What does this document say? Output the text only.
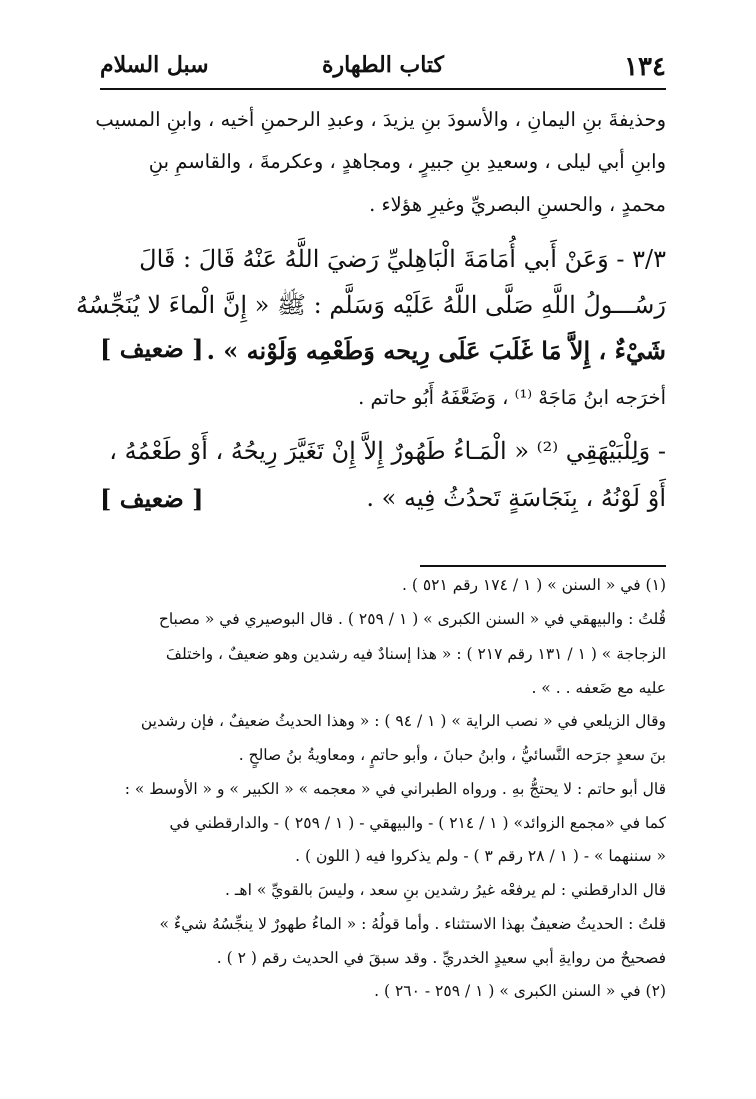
١٣٤
كتاب الطهارة
سبل السلام
وحذيفةَ بنِ اليمانِ ، والأسودَ بنِ يزيدَ ، وعبدِ الرحمنِ أخيه ، وابنِ المسيب
وابنِ أبي ليلى ، وسعيدِ بنِ جبيرٍ ، ومجاهدٍ ، وعكرمةَ ، والقاسمِ بنِ
محمدٍ ، والحسنِ البصريِّ وغيرِ هؤلاء .
٣/٣ - وَعَنْ أَبي أُمَامَةَ الْبَاهِليِّ رَضيَ اللَّهُ عَنْهُ قَالَ : قَالَ
رَسُـــولُ اللَّهِ صَلَّى اللَّهُ عَلَيْه وَسَلَّم : ﷺ « إِنَّ الْماءَ لا يُنَجِّسُهُ
شَيْءٌ ، إِلاَّ مَا غَلَبَ عَلَى رِيحه وَطَعْمِه وَلَوْنه » .
[ ضعيف ]
أخرَجه ابنُ مَاجَهْ ⁽¹⁾ ، وَضَعَّفَهُ أَبُو حاتم .
- وَلِلْبَيْهَقِي ⁽²⁾ « الْمَـاءُ طَهُورٌ إِلاَّ إِنْ تَغَيَّرَ رِيحُهُ ، أَوْ طَعْمُهُ ،
أَوْ لَوْنُهُ ، بِنَجَاسَةٍ تَحدُثُ فِيه » .
[ ضعيف ]
(١) في « السنن » ( ١ / ١٧٤ رقم ٥٢١ ) .
قُلتُ : والبيهقي في « السنن الكبرى » ( ١ / ٢٥٩ ) . قال البوصيري في « مصباح
الزجاجة » ( ١ / ١٣١ رقم ٢١٧ ) : « هذا إسنادٌ فيه رشدين وهو ضعيفٌ ، واختلفَ
عليه مع ضَعفه . . » .
وقال الزيلعي في « نصب الراية » ( ١ / ٩٤ ) : « وهذا الحديثُ ضعيفٌ ، فإن رشدين
بنَ سعدٍ جرَحه النَّسائيُّ ، وابنُ حبانَ ، وأبو حاتمٍ ، ومعاويةُ بنُ صالحٍ .
قال أبو حاتم : لا يحتجُّ بهِ . ورواه الطبراني في « معجمه » « الكبير » و « الأوسط » :
كما في «مجمع الزوائد» ( ١ / ٢١٤ ) - والبيهقي - ( ١ / ٢٥٩ ) - والدارقطني في
« سننهما » - ( ١ / ٢٨ رقم ٣ ) - ولم يذكروا فيه ( اللون ) .
قال الدارقطني : لم يرفعْه غيرُ رشدين بنِ سعد ، وليسَ بالقويِّ » اهـ .
قلتُ : الحديثُ ضعيفٌ بهذا الاستثناء . وأما قولُهُ : « الماءُ طهورٌ لا ينجِّسُهُ شيءٌ »
فصحيحٌ من روايةِ أبي سعيدٍ الخدريِّ . وقد سبقَ في الحديث رقم ( ٢ ) .
(٢) في « السنن الكبرى » ( ١ / ٢٥٩ - ٢٦٠ ) .
